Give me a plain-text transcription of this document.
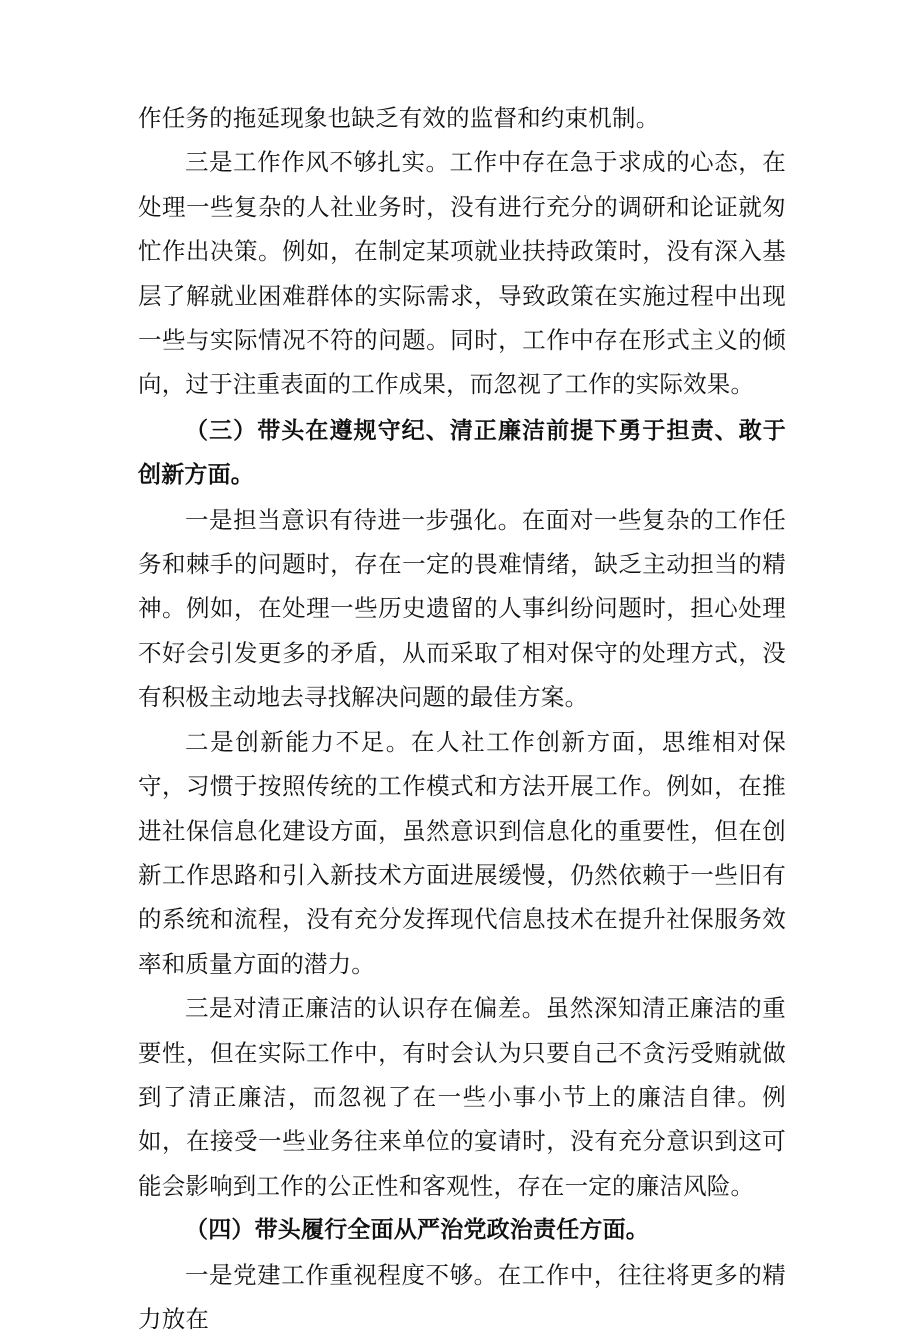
作任务的拖延现象也缺乏有效的监督和约束机制。

三是工作作风不够扎实。工作中存在急于求成的心态，在处理一些复杂的人社业务时，没有进行充分的调研和论证就匆忙作出决策。例如，在制定某项就业扶持政策时，没有深入基层了解就业困难群体的实际需求，导致政策在实施过程中出现一些与实际情况不符的问题。同时，工作中存在形式主义的倾向，过于注重表面的工作成果，而忽视了工作的实际效果。

（三）带头在遵规守纪、清正廉洁前提下勇于担责、敢于创新方面。

一是担当意识有待进一步强化。在面对一些复杂的工作任务和棘手的问题时，存在一定的畏难情绪，缺乏主动担当的精神。例如，在处理一些历史遗留的人事纠纷问题时，担心处理不好会引发更多的矛盾，从而采取了相对保守的处理方式，没有积极主动地去寻找解决问题的最佳方案。

二是创新能力不足。在人社工作创新方面，思维相对保守，习惯于按照传统的工作模式和方法开展工作。例如，在推进社保信息化建设方面，虽然意识到信息化的重要性，但在创新工作思路和引入新技术方面进展缓慢，仍然依赖于一些旧有的系统和流程，没有充分发挥现代信息技术在提升社保服务效率和质量方面的潜力。

三是对清正廉洁的认识存在偏差。虽然深知清正廉洁的重要性，但在实际工作中，有时会认为只要自己不贪污受贿就做到了清正廉洁，而忽视了在一些小事小节上的廉洁自律。例如，在接受一些业务往来单位的宴请时，没有充分意识到这可能会影响到工作的公正性和客观性，存在一定的廉洁风险。

（四）带头履行全面从严治党政治责任方面。

一是党建工作重视程度不够。在工作中，往往将更多的精力放在
